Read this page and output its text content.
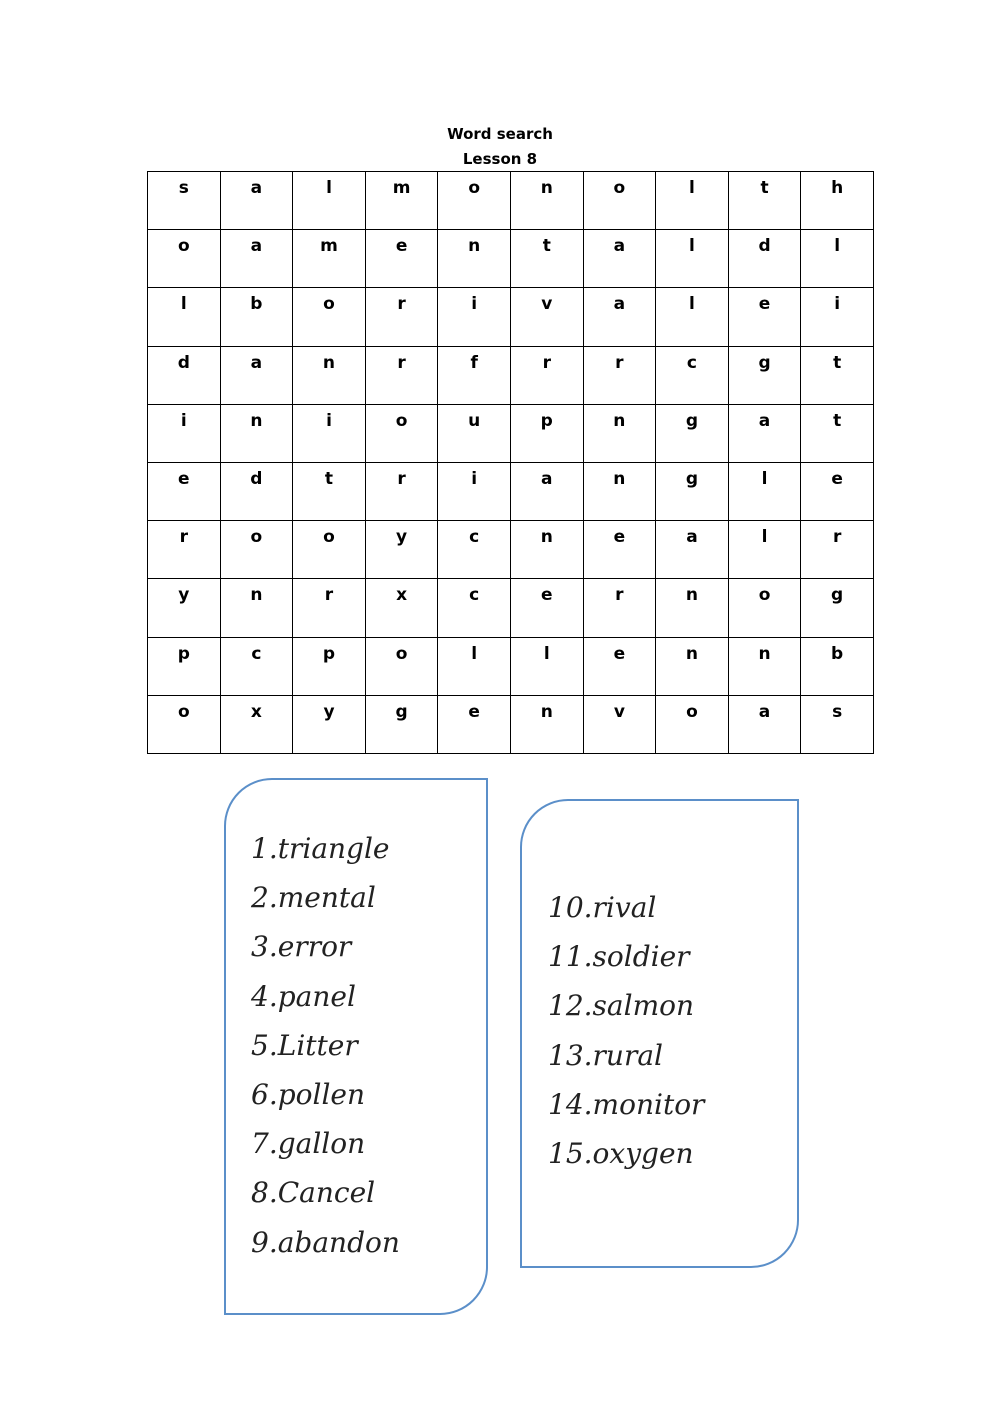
Word search
Lesson 8
s	a	l	m	o	n	o	l	t	h

o	a	m	e	n	t	a	l	d	l

l	b	o	r	i	v	a	l	e	i

d	a	n	r	f	r	r	c	g	t

i	n	i	o	u	p	n	g	a	t

e	d	t	r	i	a	n	g	l	e

r	o	o	y	c	n	e	a	l	r

y	n	r	x	c	e	r	n	o	g

p	c	p	o	l	l	e	n	n	b

o	x	y	g	e	n	v	o	a	s
1 . triangle
2 . mental
3 . error
4 . panel
5 . Litter
6 . pollen
7 . gallon
8 . Cancel
9 . abandon
10 . rival
11 . soldier
12 . salmon
13 . rural
14 . monitor
15 . oxygen
